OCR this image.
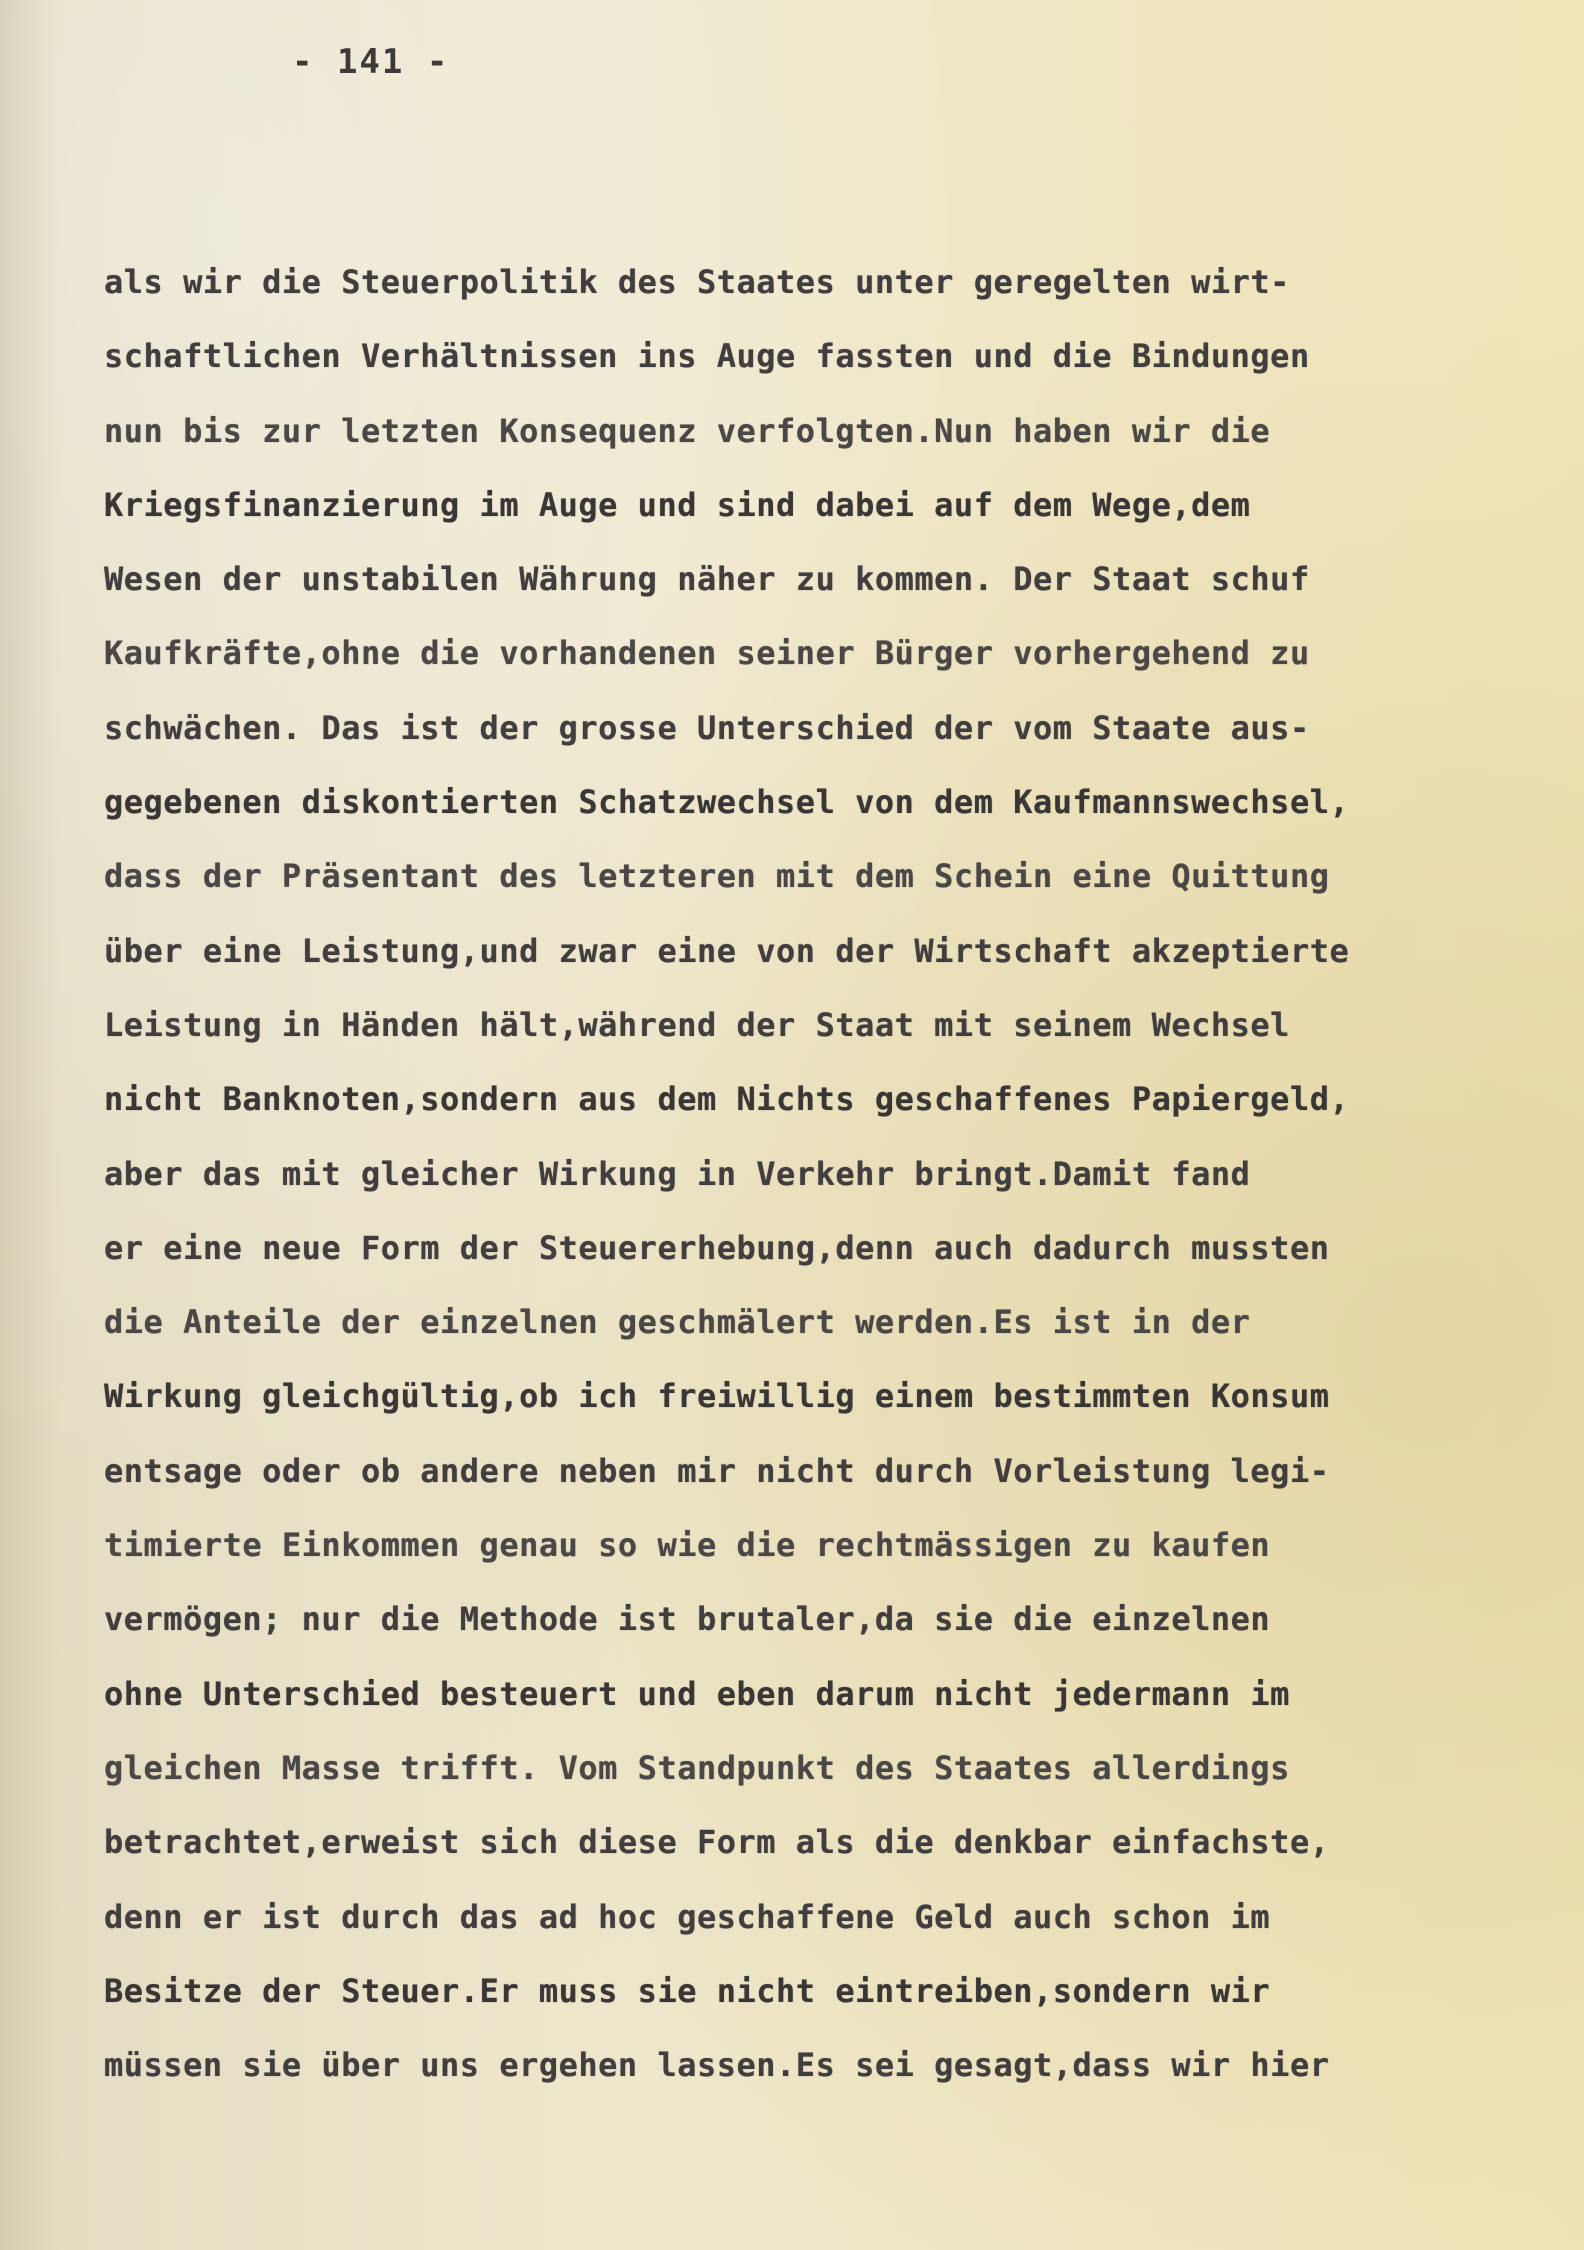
- 141 -
als wir die Steuerpolitik des Staates unter geregelten wirt-
schaftlichen Verhältnissen ins Auge fassten und die Bindungen
nun bis zur letzten Konsequenz verfolgten.Nun haben wir die
Kriegsfinanzierung im Auge und sind dabei auf dem Wege,dem
Wesen der unstabilen Währung näher zu kommen. Der Staat schuf
Kaufkräfte,ohne die vorhandenen seiner Bürger vorhergehend zu
schwächen. Das ist der grosse Unterschied der vom Staate aus-
gegebenen diskontierten Schatzwechsel von dem Kaufmannswechsel,
dass der Präsentant des letzteren mit dem Schein eine Quittung
über eine Leistung,und zwar eine von der Wirtschaft akzeptierte
Leistung in Händen hält,während der Staat mit seinem Wechsel
nicht Banknoten,sondern aus dem Nichts geschaffenes Papiergeld,
aber das mit gleicher Wirkung in Verkehr bringt.Damit fand
er eine neue Form der Steuererhebung,denn auch dadurch mussten
die Anteile der einzelnen geschmälert werden.Es ist in der
Wirkung gleichgültig,ob ich freiwillig einem bestimmten Konsum
entsage oder ob andere neben mir nicht durch Vorleistung legi-
timierte Einkommen genau so wie die rechtmässigen zu kaufen
vermögen; nur die Methode ist brutaler,da sie die einzelnen
ohne Unterschied besteuert und eben darum nicht jedermann im
gleichen Masse trifft. Vom Standpunkt des Staates allerdings
betrachtet,erweist sich diese Form als die denkbar einfachste,
denn er ist durch das ad hoc geschaffene Geld auch schon im
Besitze der Steuer.Er muss sie nicht eintreiben,sondern wir
müssen sie über uns ergehen lassen.Es sei gesagt,dass wir hier
